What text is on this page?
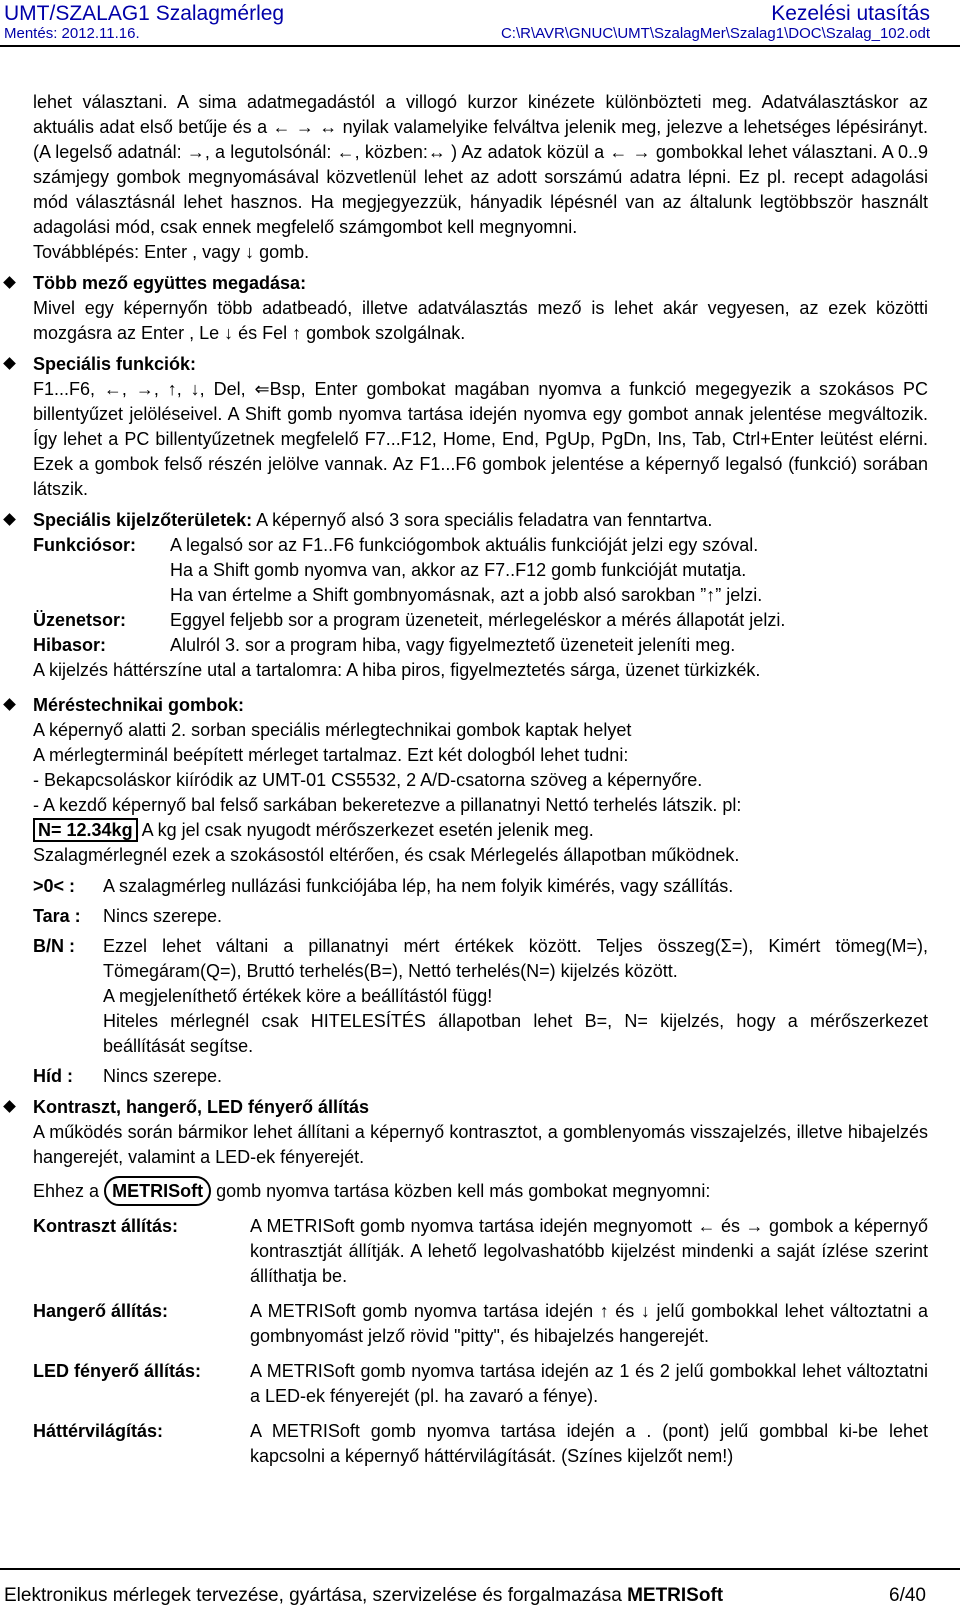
UMT/SZALAG1 Szalagmérleg	Kezelési utasítás
Mentés: 2012.11.16.	C:\R\AVR\GNUC\UMT\SzalagMer\Szalag1\DOC\Szalag_102.odt

lehet választani. A sima adatmegadástól a villogó kurzor kinézete különbözteti meg. Adatválasztáskor az aktuális adat első betűje és a ← → ↔ nyilak valamelyike felváltva jelenik meg, jelezve a lehetséges lépésirányt. (A legelső adatnál: →, a legutolsónál: ←, közben:↔ ) Az adatok közül a ← → gombokkal lehet választani. A 0..9 számjegy gombok megnyomásával közvetlenül lehet az adott sorszámú adatra lépni. Ez pl. recept adagolási mód választásnál lehet hasznos. Ha megjegyezzük, hányadik lépésnél van az általunk legtöbbször használt adagolási mód, csak ennek megfelelő számgombot kell megnyomni.

Továbblépés: Enter , vagy ↓ gomb.

Több mező együttes megadása:

Mivel egy képernyőn több adatbeadó, illetve adatválasztás mező is lehet akár vegyesen, az ezek közötti mozgásra az Enter , Le ↓ és Fel ↑ gombok szolgálnak.

Speciális funkciók:

F1...F6, ←, →, ↑, ↓, Del, ⇐Bsp, Enter gombokat magában nyomva a funkció megegyezik a szokásos PC billentyűzet jelöléseivel. A Shift gomb nyomva tartása idején nyomva egy gombot annak jelentése megváltozik. Így lehet a PC billentyűzetnek megfelelő F7...F12, Home, End, PgUp, PgDn, Ins, Tab, Ctrl+Enter leütést elérni. Ezek a gombok felső részén jelölve vannak. Az F1...F6 gombok jelentése a képernyő legalsó (funkció) sorában látszik.

Speciális kijelzőterületek: A képernyő alsó 3 sora speciális feladatra van fenntartva.
Funkciósor:	A legalsó sor az F1..F6 funkciógombok aktuális funkcióját jelzi egy szóval.
Ha a Shift gomb nyomva van, akkor az F7..F12 gomb funkcióját mutatja.
Ha van értelme a Shift gombnyomásnak, azt a jobb alsó sarokban ”↑” jelzi.
Üzenetsor:	Eggyel feljebb sor a program üzeneteit, mérlegeléskor a mérés állapotát jelzi.
Hibasor:	Alulról 3. sor a program hiba, vagy figyelmeztető üzeneteit jeleníti meg.
A kijelzés háttérszíne utal a tartalomra: A hiba piros, figyelmeztetés sárga, üzenet türkizkék.
Méréstechnikai gombok:
A képernyő alatti 2. sorban speciális mérlegtechnikai gombok kaptak helyet
A mérlegterminál beépített mérleget tartalmaz. Ezt két dologból lehet tudni:
- Bekapcsoláskor kiíródik az UMT-01 CS5532, 2 A/D-csatorna szöveg a képernyőre.
- A kezdő képernyő bal felső sarkában bekeretezve a pillanatnyi Nettó terhelés látszik. pl:
N= 12.34kg A kg jel csak nyugodt mérőszerkezet esetén jelenik meg.
Szalagmérlegnél ezek a szokásostól eltérően, és csak Mérlegelés állapotban működnek.
>0< :	A szalagmérleg nullázási funkciójába lép, ha nem folyik kimérés, vagy szállítás.
Tara :	Nincs szerepe.
B/N :	Ezzel lehet váltani a pillanatnyi mért értékek között. Teljes összeg(Σ=), Kimért tömeg(M=), Tömegáram(Q=), Bruttó terhelés(B=), Nettó terhelés(N=) kijelzés között.
A megjeleníthető értékek köre a beállítástól függ!
Hiteles mérlegnél csak HITELESÍTÉS állapotban lehet B=, N= kijelzés, hogy a mérőszerkezet beállítását segítse.
Híd :	Nincs szerepe.
Kontraszt, hangerő, LED fényerő állítás

A működés során bármikor lehet állítani a képernyő kontrasztot, a gomblenyomás visszajelzés, illetve hibajelzés hangerejét, valamint a LED-ek fényerejét.

Ehhez a METRISoft gomb nyomva tartása közben kell más gombokat megnyomni:
Kontraszt állítás:	A METRISoft gomb nyomva tartása idején megnyomott ← és → gombok a képernyő kontrasztját állítják. A lehető legolvashatóbb kijelzést mindenki a saját ízlése szerint állíthatja be.
Hangerő állítás:	A METRISoft gomb nyomva tartása idején ↑ és ↓ jelű gombokkal lehet változtatni a gombnyomást jelző rövid "pitty", és hibajelzés hangerejét.
LED fényerő állítás:	A METRISoft gomb nyomva tartása idején az 1 és 2 jelű gombokkal lehet változtatni a LED-ek fényerejét (pl. ha zavaró a fénye).
Háttérvilágítás:	A METRISoft gomb nyomva tartása idején a . (pont) jelű gombbal ki-be lehet kapcsolni a képernyő háttérvilágítását. (Színes kijelzőt nem!)
Elektronikus mérlegek tervezése, gyártása, szervizelése és forgalmazása METRISoft	6/40
